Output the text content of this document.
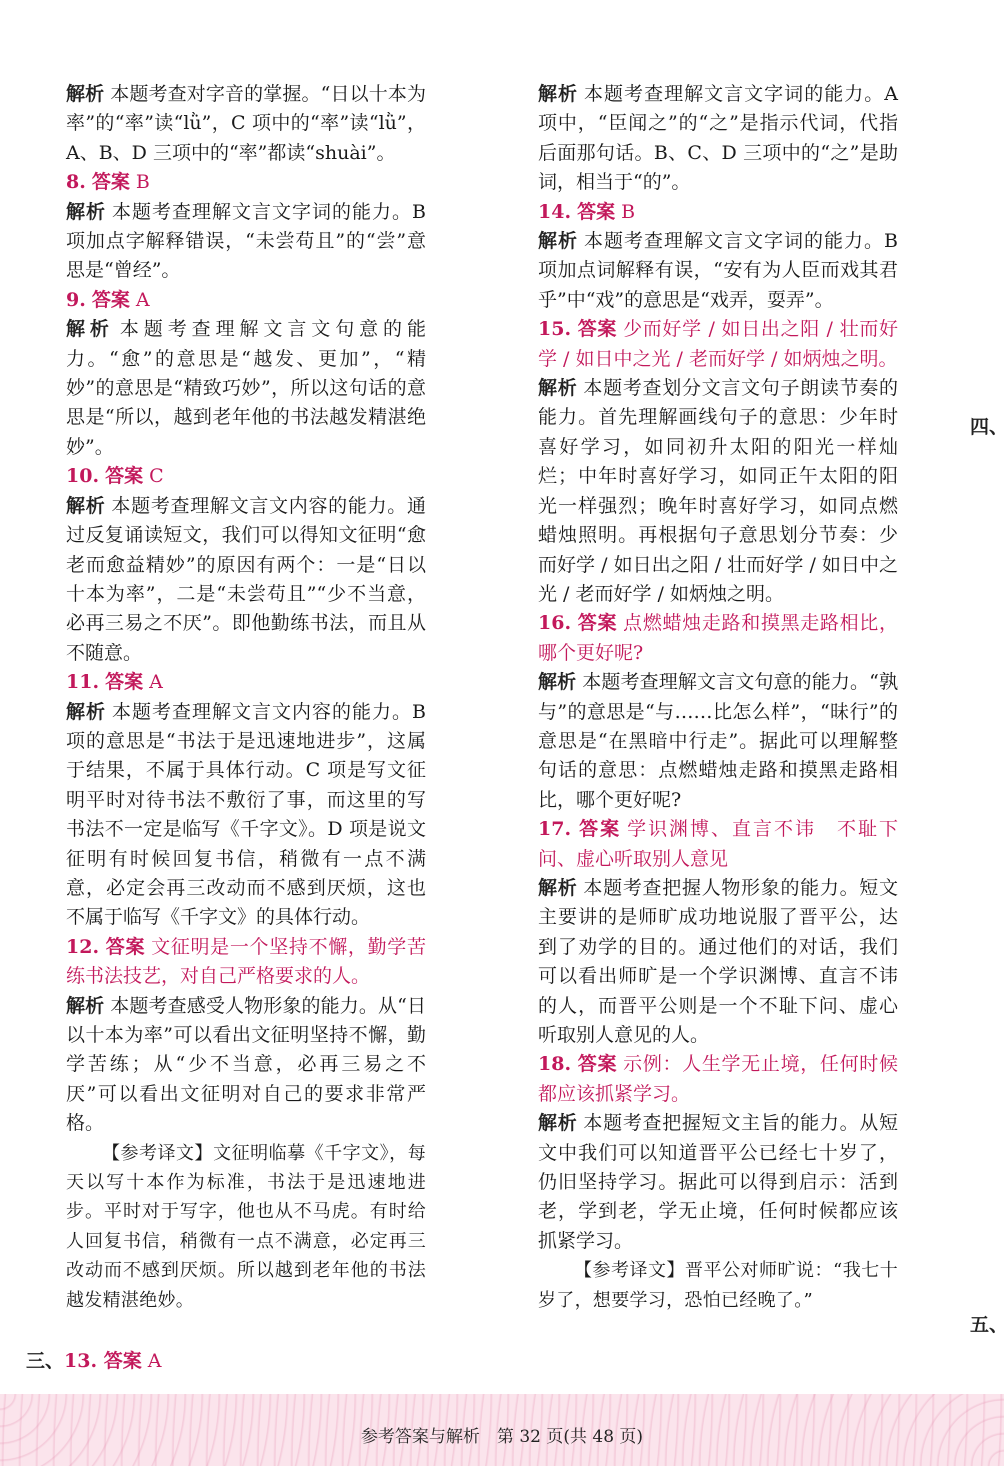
解析 本题考查对字音的掌握。“日以十本为率”的“率”读“lǜ”，C 项中的“率”读“lǜ”，A、B、D 三项中的“率”都读“shuài”。

8. 答案 B

解析 本题考查理解文言文字词的能力。B 项加点字解释错误，“未尝苟且”的“尝”意思是“曾经”。

9. 答案 A

解析 本题考查理解文言文句意的能力。“愈”的意思是“越发、更加”，“精妙”的意思是“精致巧妙”，所以这句话的意思是“所以，越到老年他的书法越发精湛绝妙”。

10. 答案 C

解析 本题考查理解文言文内容的能力。通过反复诵读短文，我们可以得知文征明“愈老而愈益精妙”的原因有两个：一是“日以十本为率”，二是“未尝苟且”“少不当意，必再三易之不厌”。即他勤练书法，而且从不随意。

11. 答案 A

解析 本题考查理解文言文内容的能力。B 项的意思是“书法于是迅速地进步”，这属于结果，不属于具体行动。C 项是写文征明平时对待书法不敷衍了事，而这里的写书法不一定是临写《千字文》。D 项是说文征明有时候回复书信，稍微有一点不满意，必定会再三改动而不感到厌烦，这也不属于临写《千字文》的具体行动。

12. 答案 文征明是一个坚持不懈，勤学苦练书法技艺，对自己严格要求的人。

解析 本题考查感受人物形象的能力。从“日以十本为率”可以看出文征明坚持不懈，勤学苦练；从“少不当意，必再三易之不厌”可以看出文征明对自己的要求非常严格。

【参考译文】文征明临摹《千字文》，每天以写十本作为标准，书法于是迅速地进步。平时对于写字，他也从不马虎。有时给人回复书信，稍微有一点不满意，必定再三改动而不感到厌烦。所以越到老年他的书法越发精湛绝妙。

三、13. 答案 A

解析 本题考查理解文言文字词的能力。A 项中，“臣闻之”的“之”是指示代词，代指后面那句话。B、C、D 三项中的“之”是助词，相当于“的”。

14. 答案 B

解析 本题考查理解文言文字词的能力。B 项加点词解释有误，“安有为人臣而戏其君乎”中“戏”的意思是“戏弄，耍弄”。

15. 答案 少而好学 / 如日出之阳 / 壮而好学 / 如日中之光 / 老而好学 / 如炳烛之明。

解析 本题考查划分文言文句子朗读节奏的能力。首先理解画线句子的意思：少年时喜好学习，如同初升太阳的阳光一样灿烂；中年时喜好学习，如同正午太阳的阳光一样强烈；晚年时喜好学习，如同点燃蜡烛照明。再根据句子意思划分节奏：少而好学 / 如日出之阳 / 壮而好学 / 如日中之光 / 老而好学 / 如炳烛之明。

16. 答案 点燃蜡烛走路和摸黑走路相比，哪个更好呢?

解析 本题考查理解文言文句意的能力。“孰与”的意思是“与……比怎么样”，“昧行”的意思是“在黑暗中行走”。据此可以理解整句话的意思：点燃蜡烛走路和摸黑走路相比，哪个更好呢?

17. 答案 学识渊博、直言不讳　不耻下问、虚心听取别人意见

解析 本题考查把握人物形象的能力。短文主要讲的是师旷成功地说服了晋平公，达到了劝学的目的。通过他们的对话，我们可以看出师旷是一个学识渊博、直言不讳的人，而晋平公则是一个不耻下问、虚心听取别人意见的人。

18. 答案 示例：人生学无止境，任何时候都应该抓紧学习。

解析 本题考查把握短文主旨的能力。从短文中我们可以知道晋平公已经七十岁了，仍旧坚持学习。据此可以得到启示：活到老，学到老，学无止境，任何时候都应该抓紧学习。

【参考译文】晋平公对师旷说：“我七十岁了，想要学习，恐怕已经晚了。”

四、
五、
参考答案与解析　第 32 页(共 48 页)
